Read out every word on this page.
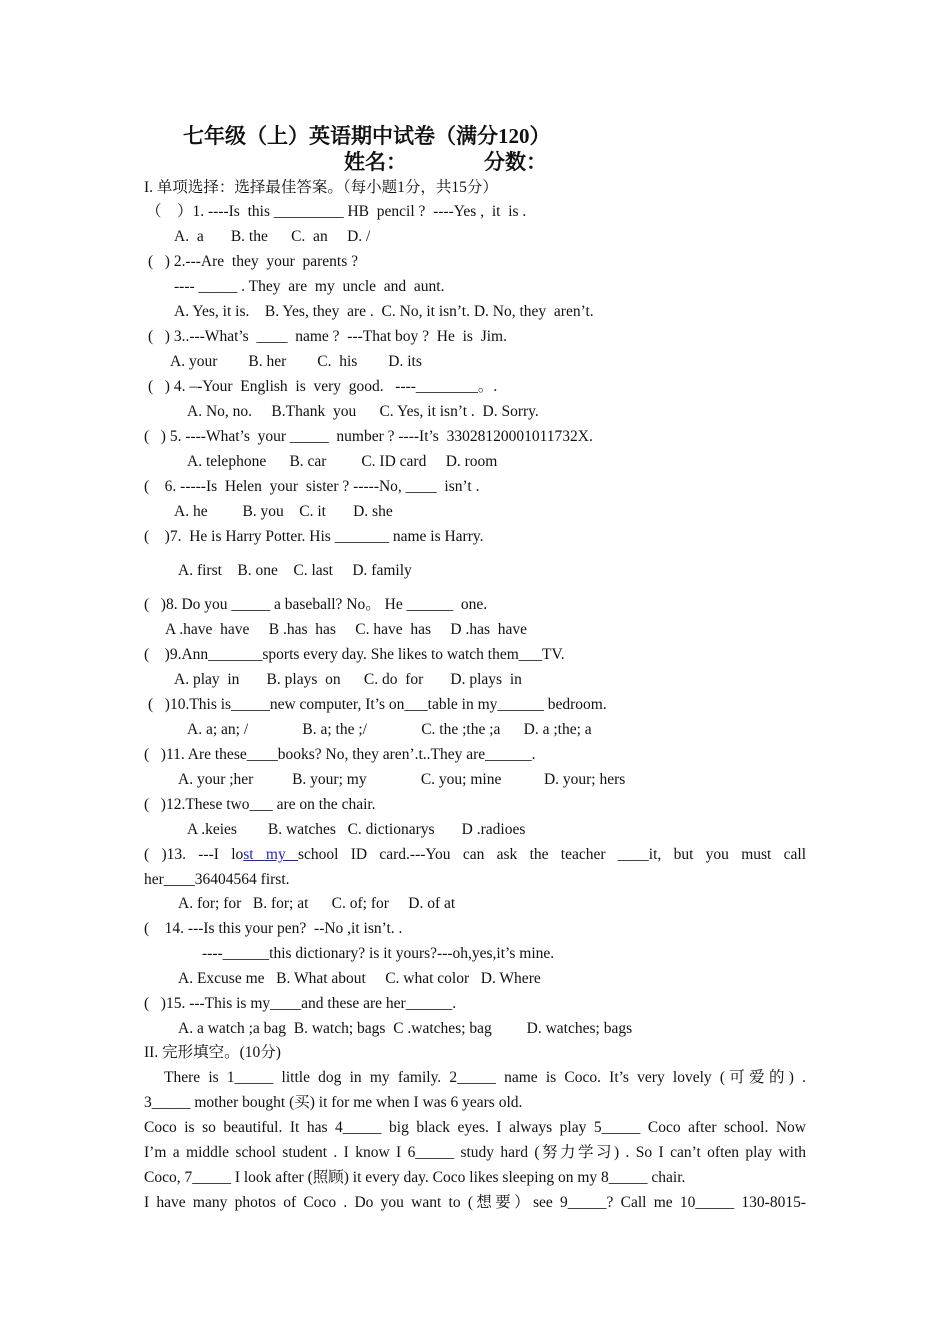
七年级（上）英语期中试卷（满分120）
姓名：	分数：
I. 单项选择：选择最佳答案。（每小题1分，共15分）
（    ）1. ----Is  this _________ HB  pencil ?  ----Yes ,  it  is .
A.  a       B. the      C.  an     D. /
(   ) 2.---Are  they  your  parents ?
---- _____ . They  are  my  uncle  and  aunt.
A. Yes, it is.    B. Yes, they  are .  C. No, it isn’t. D. No, they  aren’t.
(   ) 3..---What’s  ____  name ?  ---That boy ?  He  is  Jim.
A. your        B. her        C.  his        D. its
(   ) 4. –-Your  English  is  very  good.   ----________。.
A. No, no.     B.Thank  you      C. Yes, it isn’t .  D. Sorry.
(   ) 5. ----What’s  your _____  number ? ----It’s  33028120001011732X.
A. telephone      B. car         C. ID card     D. room
(    6. -----Is  Helen  your  sister ? -----No, ____  isn’t .
A. he         B. you    C. it       D. she
(    )7.  He is Harry Potter. His _______ name is Harry.
A. first    B. one    C. last     D. family
(   )8. Do you _____ a baseball? No。 He ______  one.
A .have  have     B .has  has     C. have  has     D .has  have
(    )9.Ann_______sports every day. She likes to watch them___TV.
A. play  in       B. plays  on      C. do  for       D. plays  in
(   )10.This is_____new computer, It’s on___table in my______ bedroom.
A. a; an; /              B. a; the ;/              C. the ;the ;a      D. a ;the; a
(   )11. Are these____books? No, they aren’.t..They are______.
A. your ;her          B. your; my              C. you; mine           D. your; hers
(   )12.These two___ are on the chair.
A .keies        B. watches   C. dictionarys       D .radioes
( )13. ---I lost my school ID card.---You can ask the teacher ____it, but you must call
her____36404564 first.
A. for; for   B. for; at      C. of; for     D. of at
(    14. ---Is this your pen?  --No ,it isn’t. .
----______this dictionary? is it yours?---oh,yes,it’s mine.
A. Excuse me   B. What about     C. what color   D. Where
(   )15. ---This is my____and these are her______.
A. a watch ;a bag  B. watch; bags  C .watches; bag         D. watches; bags
II. 完形填空。(10分)
There is 1_____ little dog in my family. 2_____ name is Coco. It’s very lovely (可爱的) .
3_____ mother bought (买) it for me when I was 6 years old.
Coco is so beautiful. It has 4_____ big black eyes. I always play 5_____ Coco after school. Now
I’m a middle school student . I know I 6_____ study hard (努力学习) . So I can’t often play with
Coco, 7_____ I look after (照顾) it every day. Coco likes sleeping on my 8_____ chair.
I have many photos of Coco . Do you want to (想要）see 9_____? Call me 10_____ 130-8015-
